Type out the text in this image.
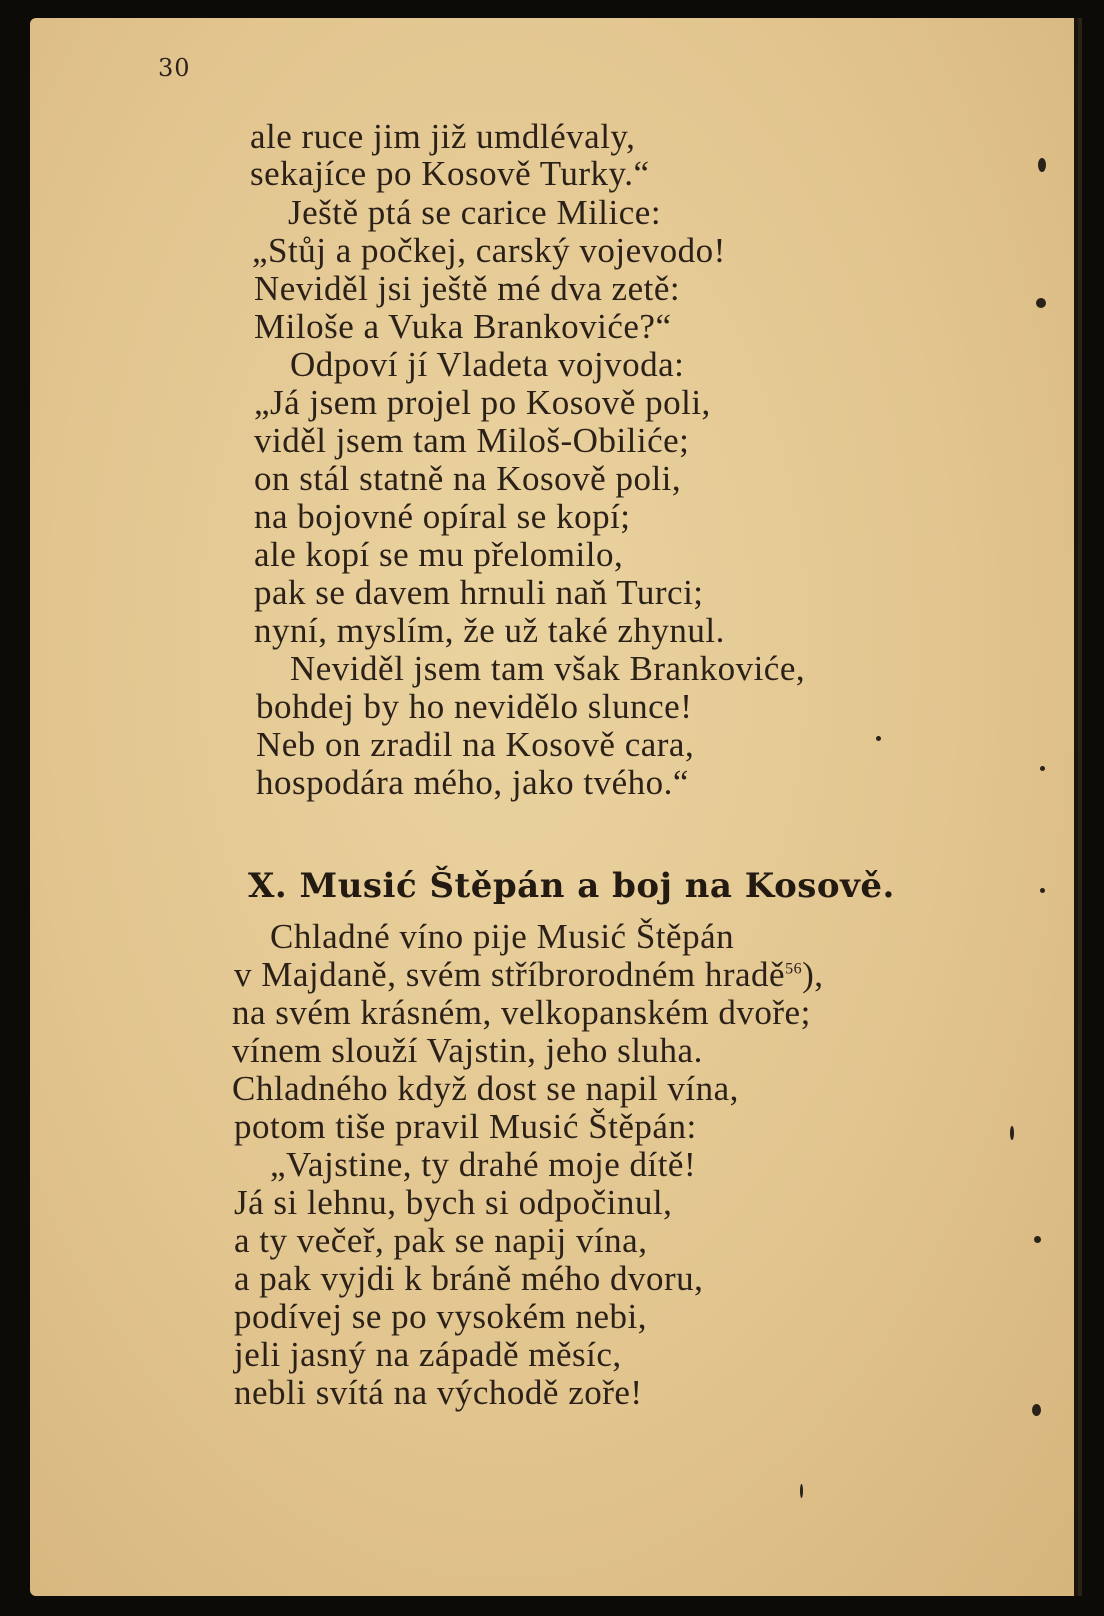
30
ale ruce jim již umdlévaly,
sekajíce po Kosově Turky.“
Ještě ptá se carice Milice:
„Stůj a počkej, carský vojevodo!
Neviděl jsi ještě mé dva zetě:
Miloše a Vuka Brankoviće?“
Odpoví jí Vladeta vojvoda:
„Já jsem projel po Kosově poli,
viděl jsem tam Miloš-Obiliće;
on stál statně na Kosově poli,
na bojovné opíral se kopí;
ale kopí se mu přelomilo,
pak se davem hrnuli naň Turci;
nyní, myslím, že už také zhynul.
Neviděl jsem tam však Brankoviće,
bohdej by ho nevidělo slunce!
Neb on zradil na Kosově cara,
hospodára mého, jako tvého.“
X. Musić Štěpán a boj na Kosově.
Chladné víno pije Musić Štěpán
v Majdaně, svém stříbrorodném hradě$^{56}$),
na svém krásném, velkopanském dvoře;
vínem slouží Vajstin, jeho sluha.
Chladného když dost se napil vína,
potom tiše pravil Musić Štěpán:
„Vajstine, ty drahé moje dítě!
Já si lehnu, bych si odpočinul,
a ty večeř, pak se napij vína,
a pak vyjdi k bráně mého dvoru,
podívej se po vysokém nebi,
jeli jasný na západě měsíc,
nebli svítá na východě zoře!
